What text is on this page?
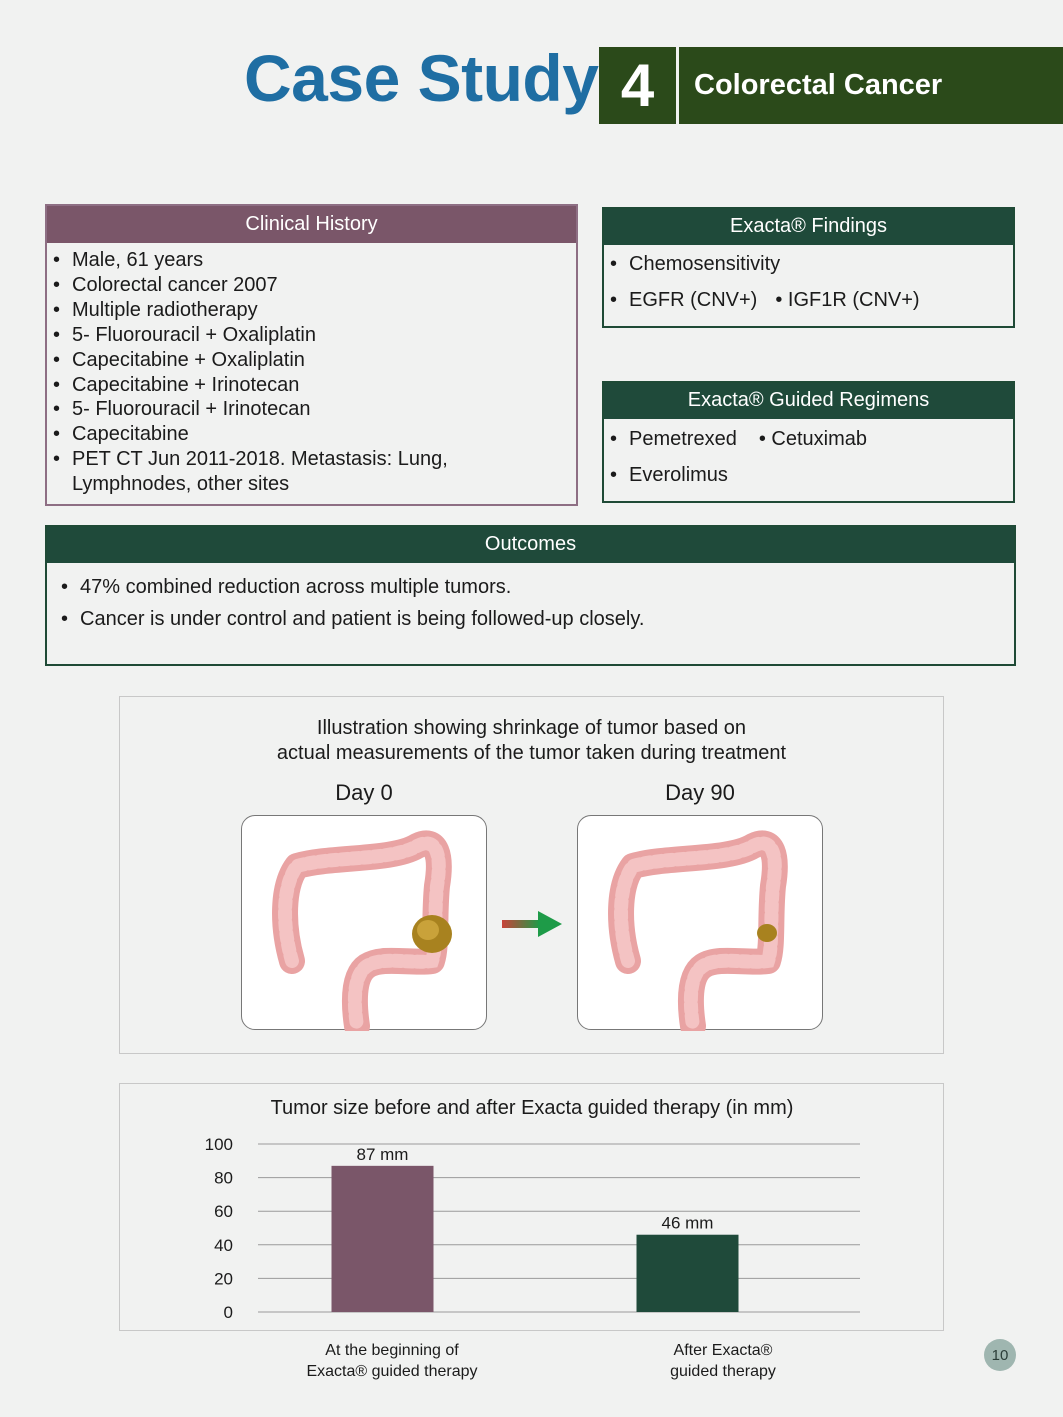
Case Study 4	Colorectal Cancer
Clinical History
• Male, 61 years
• Colorectal cancer 2007
• Multiple radiotherapy
• 5- Fluorouracil + Oxaliplatin
• Capecitabine + Oxaliplatin
• Capecitabine + Irinotecan
• 5- Fluorouracil + Irinotecan
• Capecitabine
• PET CT Jun 2011-2018. Metastasis: Lung,
Lymphnodes, other sites
Exacta® Findings
• Chemosensitivity
• EGFR (CNV+) • IGF1R (CNV+)
Exacta® Guided Regimens
• Pemetrexed • Cetuximab
• Everolimus
Outcomes
• 47% combined reduction across multiple tumors.
• Cancer is under control and patient is being followed-up closely.
Illustration showing shrinkage of tumor based on
actual measurements of the tumor taken during treatment
Day 0	Day 90
Tumor size before and after Exacta guided therapy (in mm)
100
80
60
40
20
0
87 mm
46 mm
At the beginning of
Exacta® guided therapy
After Exacta®
guided therapy
10
